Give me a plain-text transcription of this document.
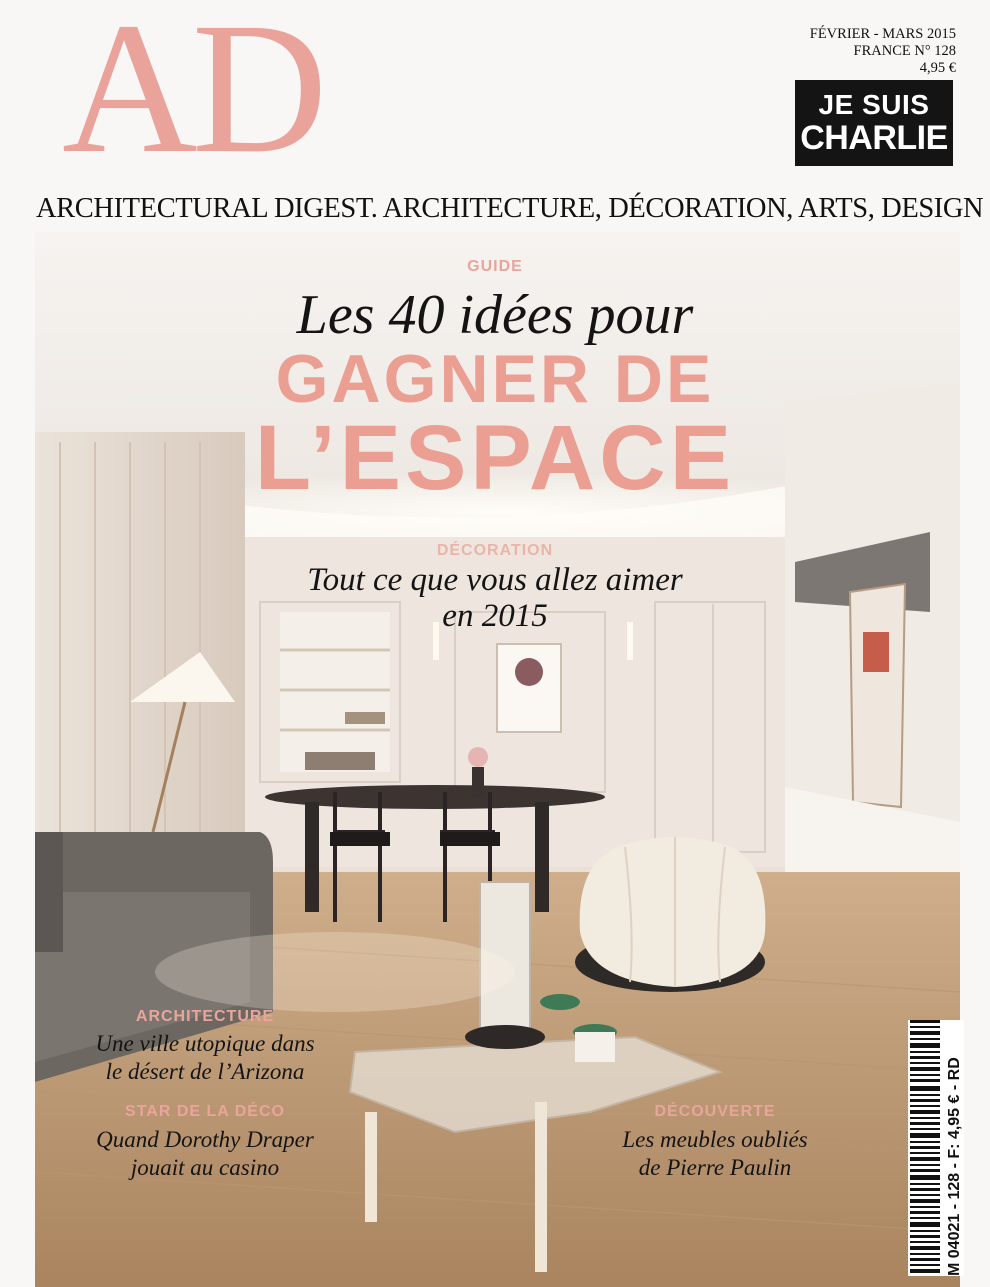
AD	FÉVRIER - MARS 2015
FRANCE N° 128
4,95 €
JE SUIS
CHARLIE
ARCHITECTURAL DIGEST. ARCHITECTURE, DÉCORATION, ARTS, DESIGN
GUIDE
Les 40 idées pour
GAGNER DE
L’ESPACE
DÉCORATION
Tout ce que vous allez aimer
en 2015
ARCHITECTURE
Une ville utopique dans
le désert de l’Arizona
STAR DE LA DÉCO
Quand Dorothy Draper
jouait au casino
DÉCOUVERTE
Les meubles oubliés
de Pierre Paulin	M 04021 - 128 - F: 4,95 € - RD
